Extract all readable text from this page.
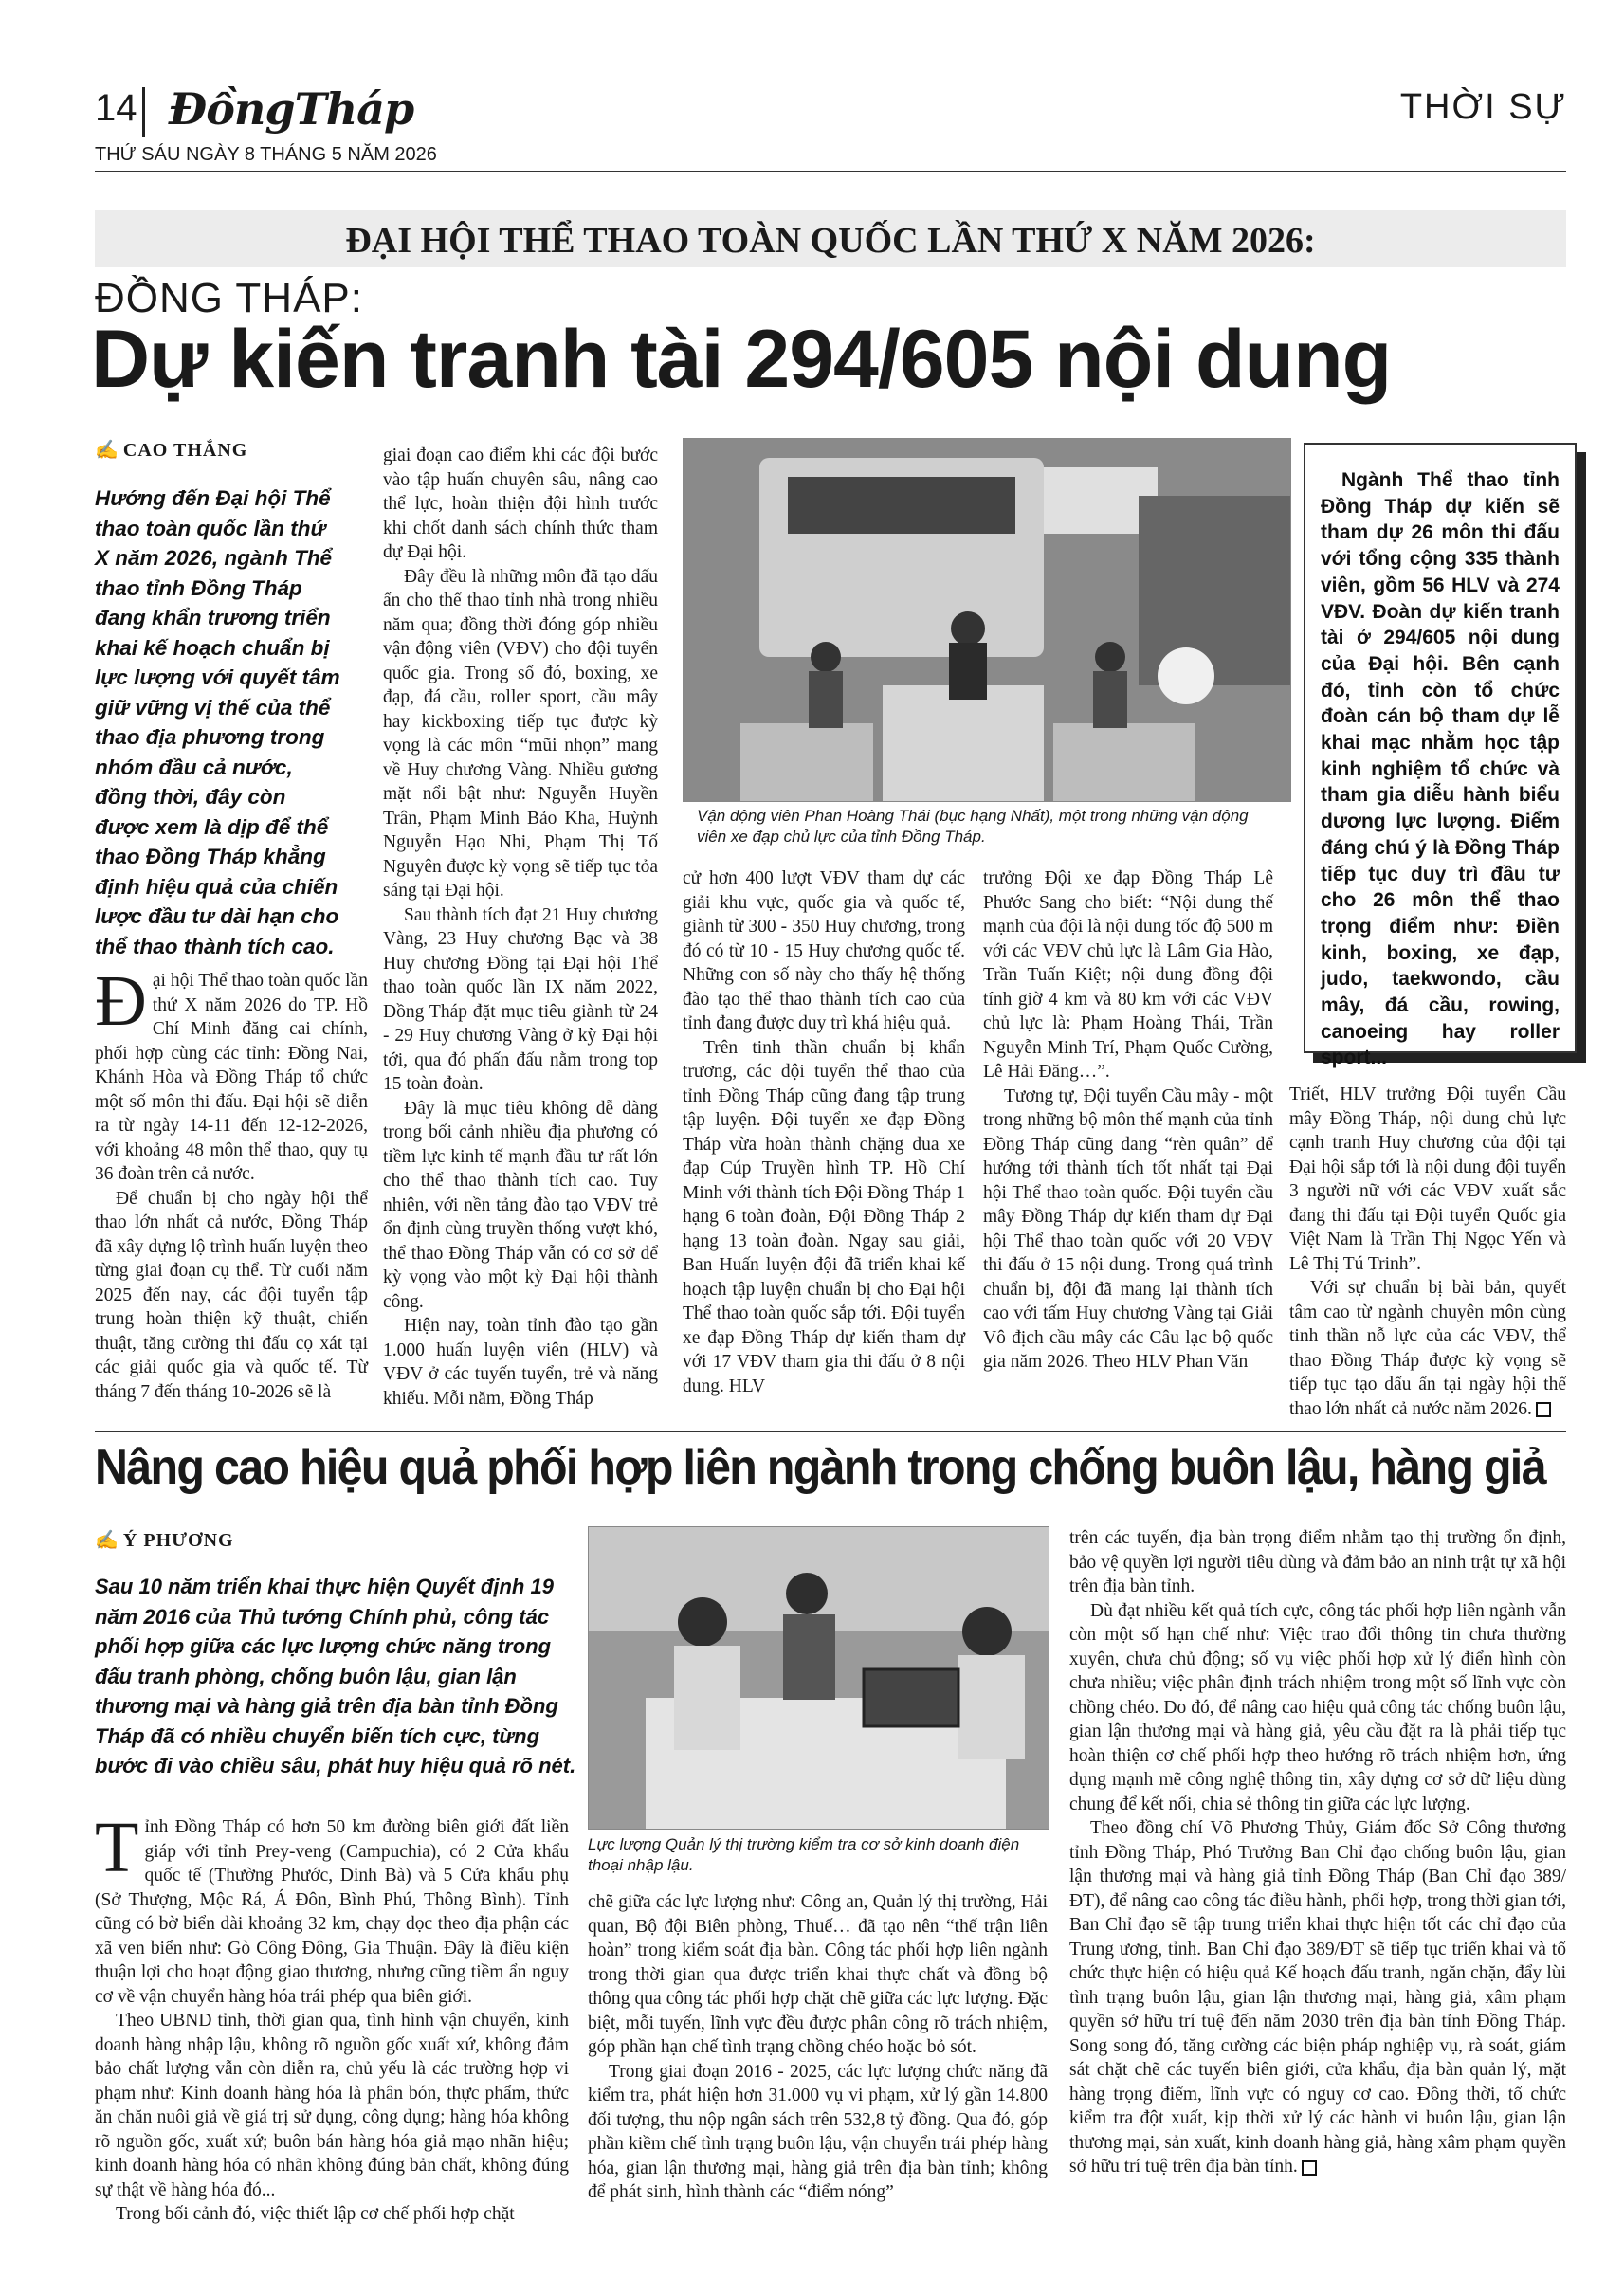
14 ĐồngTháp	THỜI SỰ
THỨ SÁU NGÀY 8 THÁNG 5 NĂM 2026
ĐẠI HỘI THỂ THAO TOÀN QUỐC LẦN THỨ X NĂM 2026:
ĐỒNG THÁP:
Dự kiến tranh tài 294/605 nội dung
✍ CAO THẮNG
Hướng đến Đại hội Thể thao toàn quốc lần thứ X năm 2026, ngành Thể thao tỉnh Đồng Tháp đang khẩn trương triển khai kế hoạch chuẩn bị lực lượng với quyết tâm giữ vững vị thế của thể thao địa phương trong nhóm đầu cả nước, đồng thời, đây còn được xem là dịp để thể thao Đồng Tháp khẳng định hiệu quả của chiến lược đầu tư dài hạn cho thể thao thành tích cao.
Đ ại hội Thể thao toàn quốc lần thứ X năm 2026 do TP. Hồ Chí Minh đăng cai chính, phối hợp cùng các tỉnh: Đồng Nai, Khánh Hòa và Đồng Tháp tổ chức một số môn thi đấu. Đại hội sẽ diễn ra từ ngày 14-11 đến 12-12-2026, với khoảng 48 môn thể thao, quy tụ 36 đoàn trên cả nước.

Để chuẩn bị cho ngày hội thể thao lớn nhất cả nước, Đồng Tháp đã xây dựng lộ trình huấn luyện theo từng giai đoạn cụ thể. Từ cuối năm 2025 đến nay, các đội tuyển tập trung hoàn thiện kỹ thuật, chiến thuật, tăng cường thi đấu cọ xát tại các giải quốc gia và quốc tế. Từ tháng 7 đến tháng 10-2026 sẽ là

giai đoạn cao điểm khi các đội bước vào tập huấn chuyên sâu, nâng cao thể lực, hoàn thiện đội hình trước khi chốt danh sách chính thức tham dự Đại hội.

Đây đều là những môn đã tạo dấu ấn cho thể thao tỉnh nhà trong nhiều năm qua; đồng thời đóng góp nhiều vận động viên (VĐV) cho đội tuyển quốc gia. Trong số đó, boxing, xe đạp, đá cầu, roller sport, cầu mây hay kickboxing tiếp tục được kỳ vọng là các môn “mũi nhọn” mang về Huy chương Vàng. Nhiều gương mặt nổi bật như: Nguyễn Huyền Trân, Phạm Minh Bảo Kha, Huỳnh Nguyễn Hạo Nhi, Phạm Thị Tố Nguyên được kỳ vọng sẽ tiếp tục tỏa sáng tại Đại hội.

Sau thành tích đạt 21 Huy chương Vàng, 23 Huy chương Bạc và 38 Huy chương Đồng tại Đại hội Thể thao toàn quốc lần IX năm 2022, Đồng Tháp đặt mục tiêu giành từ 24 - 29 Huy chương Vàng ở kỳ Đại hội tới, qua đó phấn đấu nằm trong top 15 toàn đoàn.

Đây là mục tiêu không dễ dàng trong bối cảnh nhiều địa phương có tiềm lực kinh tế mạnh đầu tư rất lớn cho thể thao thành tích cao. Tuy nhiên, với nền tảng đào tạo VĐV trẻ ổn định cùng truyền thống vượt khó, thể thao Đồng Tháp vẫn có cơ sở để kỳ vọng vào một kỳ Đại hội thành công.

Hiện nay, toàn tỉnh đào tạo gần 1.000 huấn luyện viên (HLV) và VĐV ở các tuyến tuyển, trẻ và năng khiếu. Mỗi năm, Đồng Tháp

Vận động viên Phan Hoàng Thái (bục hạng Nhất), một trong những vận động viên xe đạp chủ lực của tỉnh Đồng Tháp.

cử hơn 400 lượt VĐV tham dự các giải khu vực, quốc gia và quốc tế, giành từ 300 - 350 Huy chương, trong đó có từ 10 - 15 Huy chương quốc tế. Những con số này cho thấy hệ thống đào tạo thể thao thành tích cao của tỉnh đang được duy trì khá hiệu quả.

Trên tinh thần chuẩn bị khẩn trương, các đội tuyển thể thao của tỉnh Đồng Tháp cũng đang tập trung tập luyện. Đội tuyển xe đạp Đồng Tháp vừa hoàn thành chặng đua xe đạp Cúp Truyền hình TP. Hồ Chí Minh với thành tích Đội Đồng Tháp 1 hạng 6 toàn đoàn, Đội Đồng Tháp 2 hạng 13 toàn đoàn. Ngay sau giải, Ban Huấn luyện đội đã triển khai kế hoạch tập luyện chuẩn bị cho Đại hội Thể thao toàn quốc sắp tới. Đội tuyển xe đạp Đồng Tháp dự kiến tham dự với 17 VĐV tham gia thi đấu ở 8 nội dung. HLV

trưởng Đội xe đạp Đồng Tháp Lê Phước Sang cho biết: “Nội dung thế mạnh của đội là nội dung tốc độ 500 m với các VĐV chủ lực là Lâm Gia Hào, Trần Tuấn Kiệt; nội dung đồng đội tính giờ 4 km và 80 km với các VĐV chủ lực là: Phạm Hoàng Thái, Trần Nguyễn Minh Trí, Phạm Quốc Cường, Lê Hải Đăng…”.

Tương tự, Đội tuyển Cầu mây - một trong những bộ môn thế mạnh của tỉnh Đồng Tháp cũng đang “rèn quân” để hướng tới thành tích tốt nhất tại Đại hội Thể thao toàn quốc. Đội tuyển cầu mây Đồng Tháp dự kiến tham dự Đại hội Thể thao toàn quốc với 20 VĐV thi đấu ở 15 nội dung. Trong quá trình chuẩn bị, đội đã mang lại thành tích cao với tấm Huy chương Vàng tại Giải Vô địch cầu mây các Câu lạc bộ quốc gia năm 2026. Theo HLV Phan Văn

Ngành Thể thao tỉnh Đồng Tháp dự kiến sẽ tham dự 26 môn thi đấu với tổng cộng 335 thành viên, gồm 56 HLV và 274 VĐV. Đoàn dự kiến tranh tài ở 294/605 nội dung của Đại hội. Bên cạnh đó, tỉnh còn tổ chức đoàn cán bộ tham dự lễ khai mạc nhằm học tập kinh nghiệm tổ chức và tham gia diễu hành biểu dương lực lượng. Điểm đáng chú ý là Đồng Tháp tiếp tục duy trì đầu tư cho 26 môn thể thao trọng điểm như: Điền kinh, boxing, xe đạp, judo, taekwondo, cầu mây, đá cầu, rowing, canoeing hay roller sport...

Triết, HLV trưởng Đội tuyển Cầu mây Đồng Tháp, nội dung chủ lực cạnh tranh Huy chương của đội tại Đại hội sắp tới là nội dung đội tuyển 3 người nữ với các VĐV xuất sắc đang thi đấu tại Đội tuyển Quốc gia Việt Nam là Trần Thị Ngọc Yến và Lê Thị Tú Trinh”.

Với sự chuẩn bị bài bản, quyết tâm cao từ ngành chuyên môn cùng tinh thần nỗ lực của các VĐV, thể thao Đồng Tháp được kỳ vọng sẽ tiếp tục tạo dấu ấn tại ngày hội thể thao lớn nhất cả nước năm 2026.

Nâng cao hiệu quả phối hợp liên ngành trong chống buôn lậu, hàng giả
✍ Ý PHƯƠNG
Sau 10 năm triển khai thực hiện Quyết định 19 năm 2016 của Thủ tướng Chính phủ, công tác phối hợp giữa các lực lượng chức năng trong đấu tranh phòng, chống buôn lậu, gian lận thương mại và hàng giả trên địa bàn tỉnh Đồng Tháp đã có nhiều chuyển biến tích cực, từng bước đi vào chiều sâu, phát huy hiệu quả rõ nét.
Lực lượng Quản lý thị trường kiểm tra cơ sở kinh doanh điện thoại nhập lậu.
T ỉnh Đồng Tháp có hơn 50 km đường biên giới đất liền giáp với tỉnh Prey-veng (Campuchia), có 2 Cửa khẩu quốc tế (Thường Phước, Dinh Bà) và 5 Cửa khẩu phụ (Sở Thượng, Mộc Rá, Á Đôn, Bình Phú, Thông Bình). Tỉnh cũng có bờ biển dài khoảng 32 km, chạy dọc theo địa phận các xã ven biển như: Gò Công Đông, Gia Thuận. Đây là điều kiện thuận lợi cho hoạt động giao thương, nhưng cũng tiềm ẩn nguy cơ về vận chuyển hàng hóa trái phép qua biên giới.

Theo UBND tỉnh, thời gian qua, tình hình vận chuyển, kinh doanh hàng nhập lậu, không rõ nguồn gốc xuất xứ, không đảm bảo chất lượng vẫn còn diễn ra, chủ yếu là các trường hợp vi phạm như: Kinh doanh hàng hóa là phân bón, thực phẩm, thức ăn chăn nuôi giả về giá trị sử dụng, công dụng; hàng hóa không rõ nguồn gốc, xuất xứ; buôn bán hàng hóa giả mạo nhãn hiệu; kinh doanh hàng hóa có nhãn không đúng bản chất, không đúng sự thật về hàng hóa đó...

Trong bối cảnh đó, việc thiết lập cơ chế phối hợp chặt

chẽ giữa các lực lượng như: Công an, Quản lý thị trường, Hải quan, Bộ đội Biên phòng, Thuế… đã tạo nên “thế trận liên hoàn” trong kiểm soát địa bàn. Công tác phối hợp liên ngành trong thời gian qua được triển khai thực chất và đồng bộ thông qua công tác phối hợp chặt chẽ giữa các lực lượng. Đặc biệt, mỗi tuyến, lĩnh vực đều được phân công rõ trách nhiệm, góp phần hạn chế tình trạng chồng chéo hoặc bỏ sót.

Trong giai đoạn 2016 - 2025, các lực lượng chức năng đã kiểm tra, phát hiện hơn 31.000 vụ vi phạm, xử lý gần 14.800 đối tượng, thu nộp ngân sách trên 532,8 tỷ đồng. Qua đó, góp phần kiềm chế tình trạng buôn lậu, vận chuyển trái phép hàng hóa, gian lận thương mại, hàng giả trên địa bàn tỉnh; không để phát sinh, hình thành các “điểm nóng”

trên các tuyến, địa bàn trọng điểm nhằm tạo thị trường ổn định, bảo vệ quyền lợi người tiêu dùng và đảm bảo an ninh trật tự xã hội trên địa bàn tỉnh.

Dù đạt nhiều kết quả tích cực, công tác phối hợp liên ngành vẫn còn một số hạn chế như: Việc trao đổi thông tin chưa thường xuyên, chưa chủ động; số vụ việc phối hợp xử lý điển hình còn chưa nhiều; việc phân định trách nhiệm trong một số lĩnh vực còn chồng chéo. Do đó, để nâng cao hiệu quả công tác chống buôn lậu, gian lận thương mại và hàng giả, yêu cầu đặt ra là phải tiếp tục hoàn thiện cơ chế phối hợp theo hướng rõ trách nhiệm hơn, ứng dụng mạnh mẽ công nghệ thông tin, xây dựng cơ sở dữ liệu dùng chung để kết nối, chia sẻ thông tin giữa các lực lượng.

Theo đồng chí Võ Phương Thủy, Giám đốc Sở Công thương tỉnh Đồng Tháp, Phó Trưởng Ban Chỉ đạo chống buôn lậu, gian lận thương mại và hàng giả tỉnh Đồng Tháp (Ban Chỉ đạo 389/ĐT), để nâng cao công tác điều hành, phối hợp, trong thời gian tới, Ban Chỉ đạo sẽ tập trung triển khai thực hiện tốt các chỉ đạo của Trung ương, tỉnh. Ban Chỉ đạo 389/ĐT sẽ tiếp tục triển khai và tổ chức thực hiện có hiệu quả Kế hoạch đấu tranh, ngăn chặn, đẩy lùi tình trạng buôn lậu, gian lận thương mại, hàng giả, xâm phạm quyền sở hữu trí tuệ đến năm 2030 trên địa bàn tỉnh Đồng Tháp. Song song đó, tăng cường các biện pháp nghiệp vụ, rà soát, giám sát chặt chẽ các tuyến biên giới, cửa khẩu, địa bàn quản lý, mặt hàng trọng điểm, lĩnh vực có nguy cơ cao. Đồng thời, tổ chức kiểm tra đột xuất, kịp thời xử lý các hành vi buôn lậu, gian lận thương mại, sản xuất, kinh doanh hàng giả, hàng xâm phạm quyền sở hữu trí tuệ trên địa bàn tỉnh.
